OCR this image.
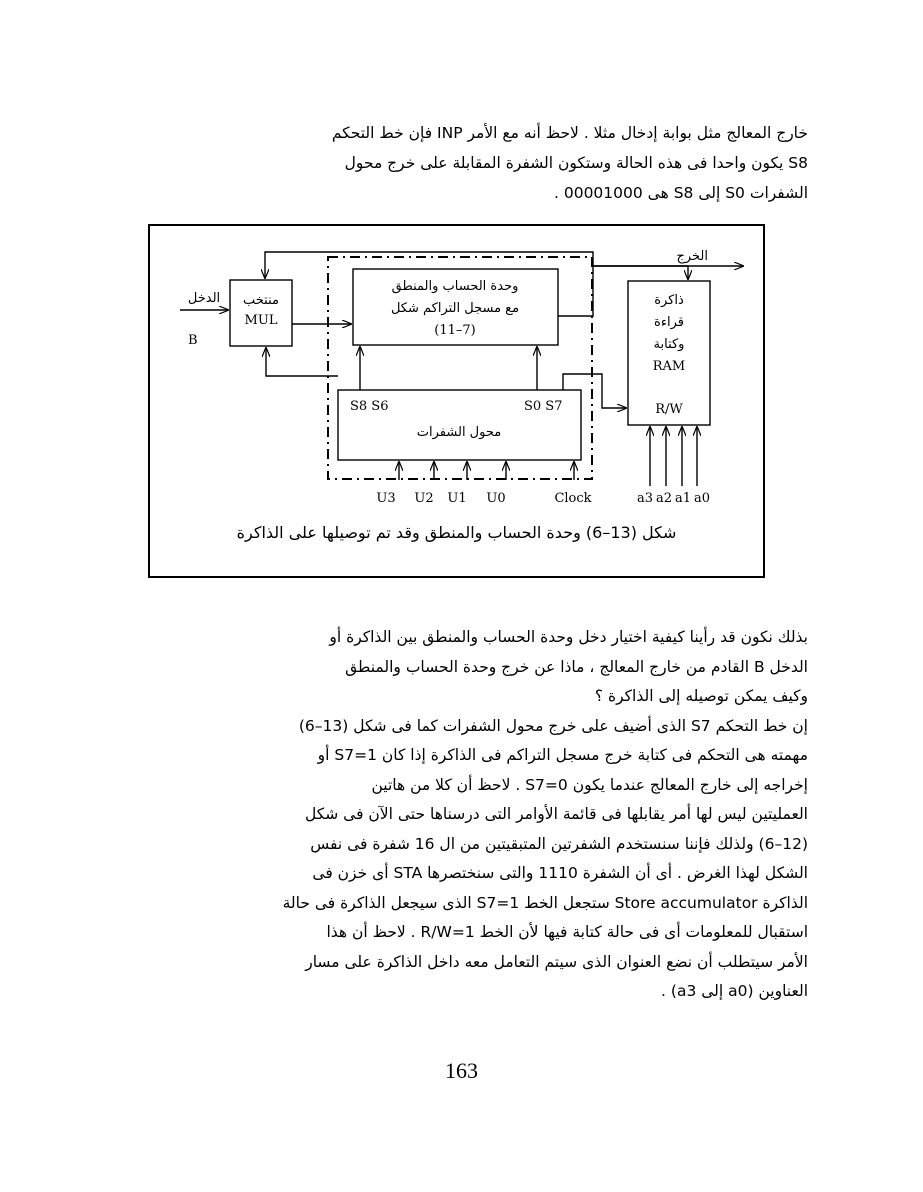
خارج المعالج مثل بوابة إدخال مثلا . لاحظ أنه مع الأمر INP فإن خط التحكم

S8 يكون واحدا فى هذه الحالة وستكون الشفرة المقابلة على خرج محول

الشفرات S0 إلى S8 هى 00001000 .

الخرج
الدخل
B
منتخب
MUL
وحدة الحساب والمنطق
مع مسجل التراكم شكل
(11–7)
ذاكرة
قراءة
وكتابة
RAM
R/W
S8 S6	S0 S7
محول الشفرات
U3 U2 U1 U0	Clock	a3 a2 a1 a0
شكل (13–6) وحدة الحساب والمنطق وقد تم توصيلها على الذاكرة

بذلك نكون قد رأينا كيفية اختيار دخل وحدة الحساب والمنطق بين الذاكرة أو

الدخل B القادم من خارج المعالج ، ماذا عن خرج وحدة الحساب والمنطق

وكيف يمكن توصيله إلى الذاكرة ؟

إن خط التحكم S7 الذى أضيف على خرج محول الشفرات كما فى شكل (13–6)

مهمته هى التحكم فى كتابة خرج مسجل التراكم فى الذاكرة إذا كان S7=1 أو

إخراجه إلى خارج المعالج عندما يكون S7=0 . لاحظ أن كلا من هاتين

العمليتين ليس لها أمر يقابلها فى قائمة الأوامر التى درسناها حتى الآن فى شكل

(12–6) ولذلك فإننا سنستخدم الشفرتين المتبقيتين من ال 16 شفرة فى نفس

الشكل لهذا الغرض . أى أن الشفرة 1110 والتى سنختصرها STA أى خزن فى

الذاكرة Store accumulator ستجعل الخط S7=1 الذى سيجعل الذاكرة فى حالة

استقبال للمعلومات أى فى حالة كتابة فيها لأن الخط R/W=1 . لاحظ أن هذا

الأمر سيتطلب أن نضع العنوان الذى سيتم التعامل معه داخل الذاكرة على مسار

العناوين (a0 إلى a3) .

163
